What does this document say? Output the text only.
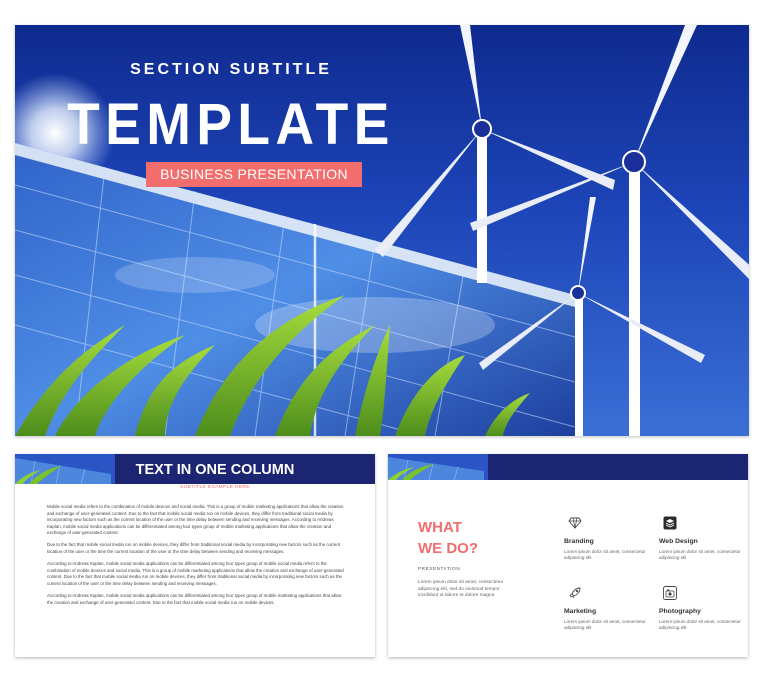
SECTION SUBTITLE
TEMPLATE
BUSINESS PRESENTATION
TEXT IN ONE COLUMN
SUBTITLE EXAMPLE HERE

Mobile social media refers to the combination of mobile devices and social media. This is a group of mobile marketing applications that allow the creation and exchange of user-generated content. Due to the fact that mobile social media run on mobile devices, they differ from traditional social media by incorporating new factors such as the current location of the user or the time delay between sending and receiving messages. According to Andreas Kaplan, mobile social media applications can be differentiated among four types group of mobile marketing applications that allow the creation and exchange of user-generated content.

Due to the fact that mobile social media run on mobile devices, they differ from traditional social media by incorporating new factors such as the current location of the user or the time the current location of the user or the time delay between sending and receiving messages.

According to Andreas Kaplan, mobile social media applications can be differentiated among four types group of mobile social media refers to the combination of mobile devices and social media. This is a group of mobile marketing applications that allow the creation and exchange of user-generated content. Due to the fact that mobile social media run on mobile devices, they differ from traditional social media by incorporating new factors such as the current location of the user or the time delay between sending and receiving messages.

According to Andreas Kaplan, mobile social media applications can be differentiated among four types group of mobile marketing applications that allow the creation and exchange of user-generated content. Due to the fact that mobile social media run on mobile devices.

WHAT
WE DO?
PRESENTATION
Lorem ipsum dolor sit amet, consectetur adipiscing elit, sed do eiusmod tempor incididunt ut labore et dolore magna
Branding
Lorem ipsum dolor sit amet, consectetur adipiscing elit
Web Design
Lorem ipsum dolor sit amet, consectetur adipiscing elit
Marketing
Lorem ipsum dolor sit amet, consectetur adipiscing elit
Photography
Lorem ipsum dolor sit amet, consectetur adipiscing elit
